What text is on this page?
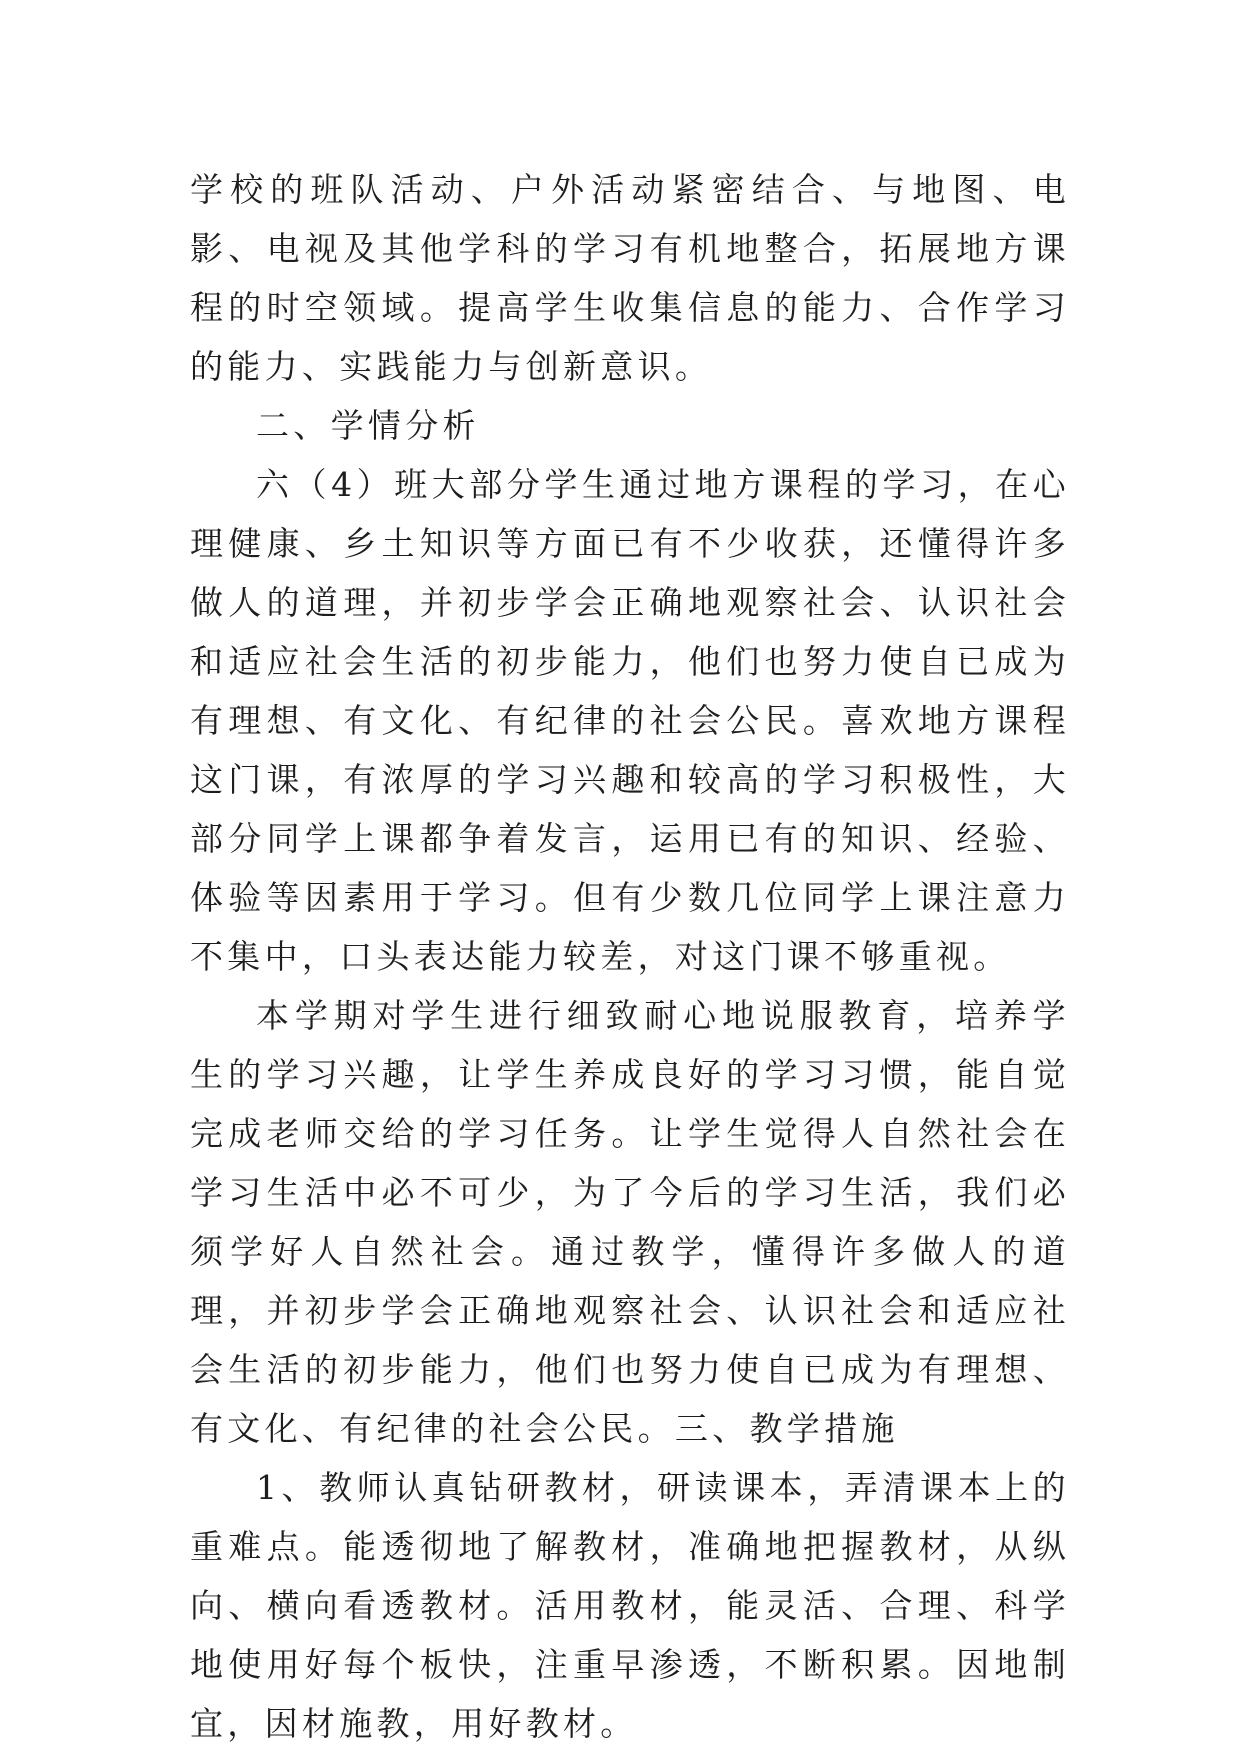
学校的班队活动、户外活动紧密结合、与地图、电影、电视及其他学科的学习有机地整合，拓展地方课程的时空领域。提高学生收集信息的能力、合作学习的能力、实践能力与创新意识。

二、学情分析

六（4）班大部分学生通过地方课程的学习，在心理健康、乡土知识等方面已有不少收获，还懂得许多做人的道理，并初步学会正确地观察社会、认识社会和适应社会生活的初步能力，他们也努力使自已成为有理想、有文化、有纪律的社会公民。喜欢地方课程这门课，有浓厚的学习兴趣和较高的学习积极性，大部分同学上课都争着发言，运用已有的知识、经验、体验等因素用于学习。但有少数几位同学上课注意力不集中，口头表达能力较差，对这门课不够重视。

本学期对学生进行细致耐心地说服教育，培养学生的学习兴趣，让学生养成良好的学习习惯，能自觉完成老师交给的学习任务。让学生觉得人自然社会在学习生活中必不可少，为了今后的学习生活，我们必须学好人自然社会。通过教学，懂得许多做人的道理，并初步学会正确地观察社会、认识社会和适应社会生活的初步能力，他们也努力使自已成为有理想、有文化、有纪律的社会公民。三、教学措施

1、教师认真钻研教材，研读课本，弄清课本上的重难点。能透彻地了解教材，准确地把握教材，从纵向、横向看透教材。活用教材，能灵活、合理、科学地使用好每个板快，注重早渗透，不断积累。因地制宜，因材施教，用好教材。
